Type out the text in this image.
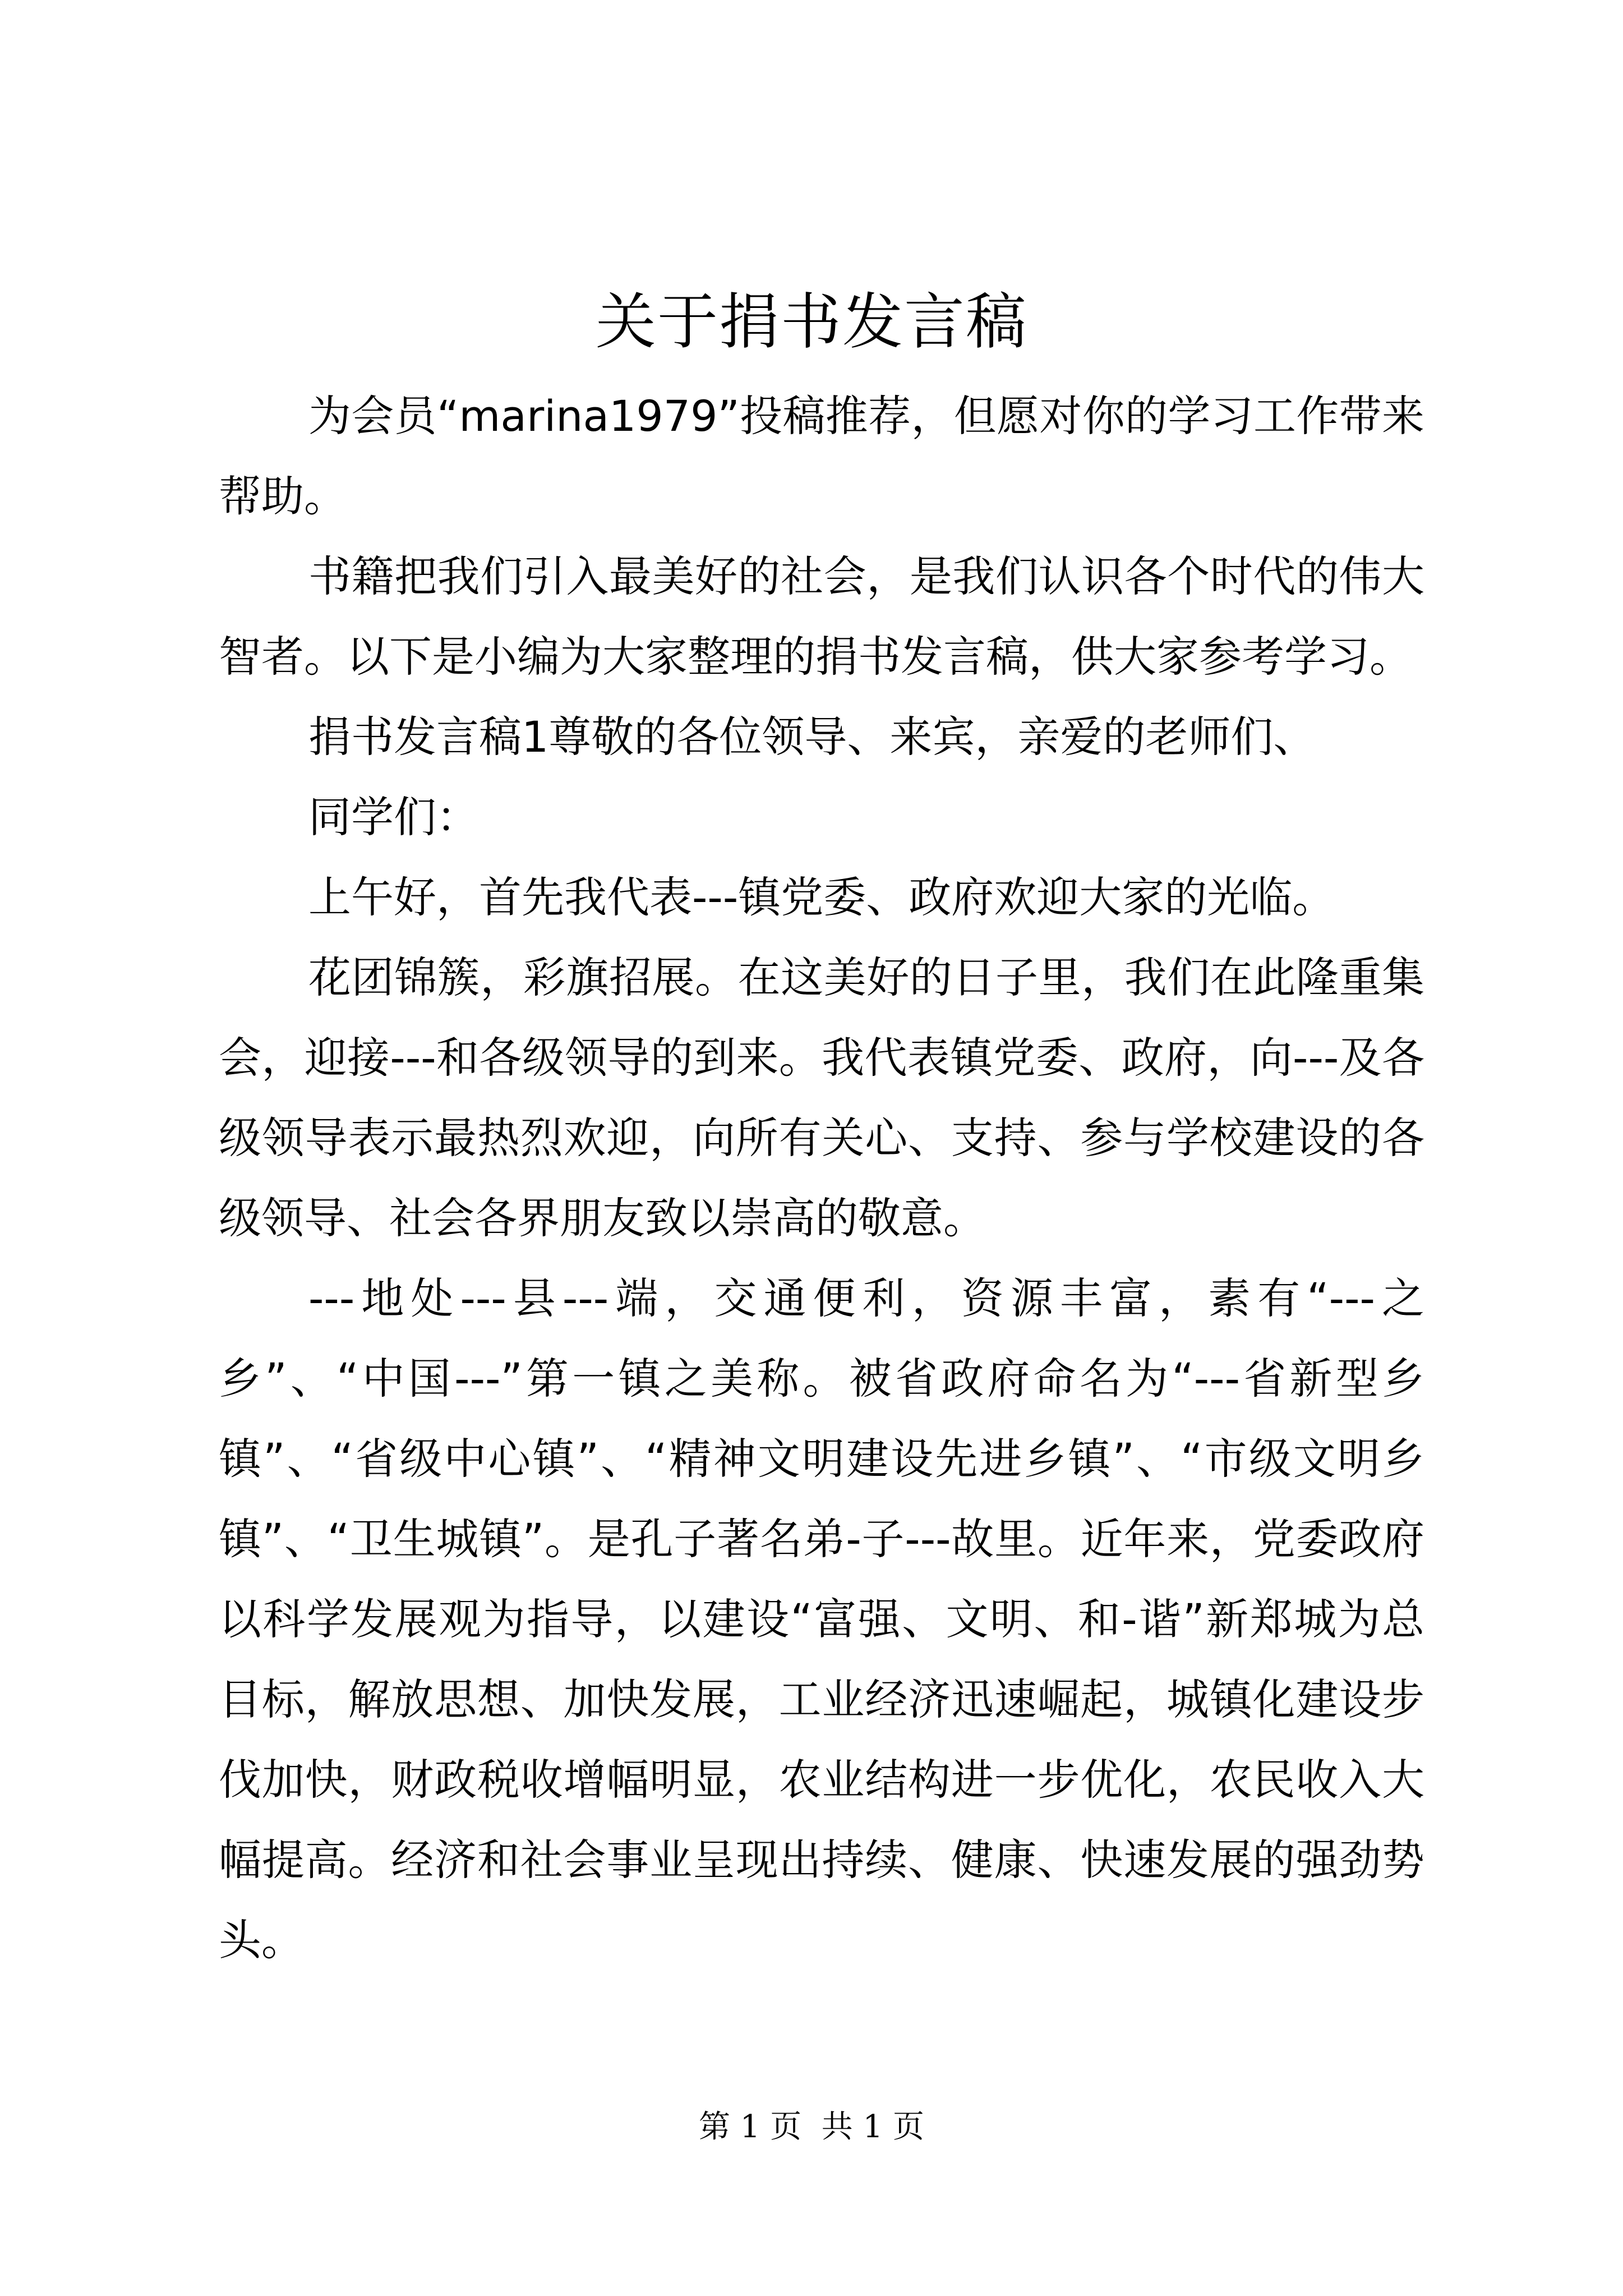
关于捐书发言稿

为会员“marina1979”投稿推荐，但愿对你的学习工作带来帮助。

书籍把我们引入最美好的社会，是我们认识各个时代的伟大智者。以下是小编为大家整理的捐书发言稿，供大家参考学习。

捐书发言稿1尊敬的各位领导、来宾，亲爱的老师们、

同学们：

上午好，首先我代表---镇党委、政府欢迎大家的光临。

花团锦簇，彩旗招展。在这美好的日子里，我们在此隆重集会，迎接---和各级领导的到来。我代表镇党委、政府，向---及各级领导表示最热烈欢迎，向所有关心、支持、参与学校建设的各级领导、社会各界朋友致以崇高的敬意。

---地处---县---端，交通便利，资源丰富，素有“---之乡”、“中国---”第一镇之美称。被省政府命名为“---省新型乡镇”、“省级中心镇”、“精神文明建设先进乡镇”、“市级文明乡镇”、“卫生城镇”。是孔子著名弟-子---故里。近年来，党委政府以科学发展观为指导，以建设“富强、文明、和-谐”新郑城为总目标，解放思想、加快发展，工业经济迅速崛起，城镇化建设步伐加快，财政税收增幅明显，农业结构进一步优化，农民收入大幅提高。经济和社会事业呈现出持续、健康、快速发展的强劲势头。

第 1 页  共 1 页
